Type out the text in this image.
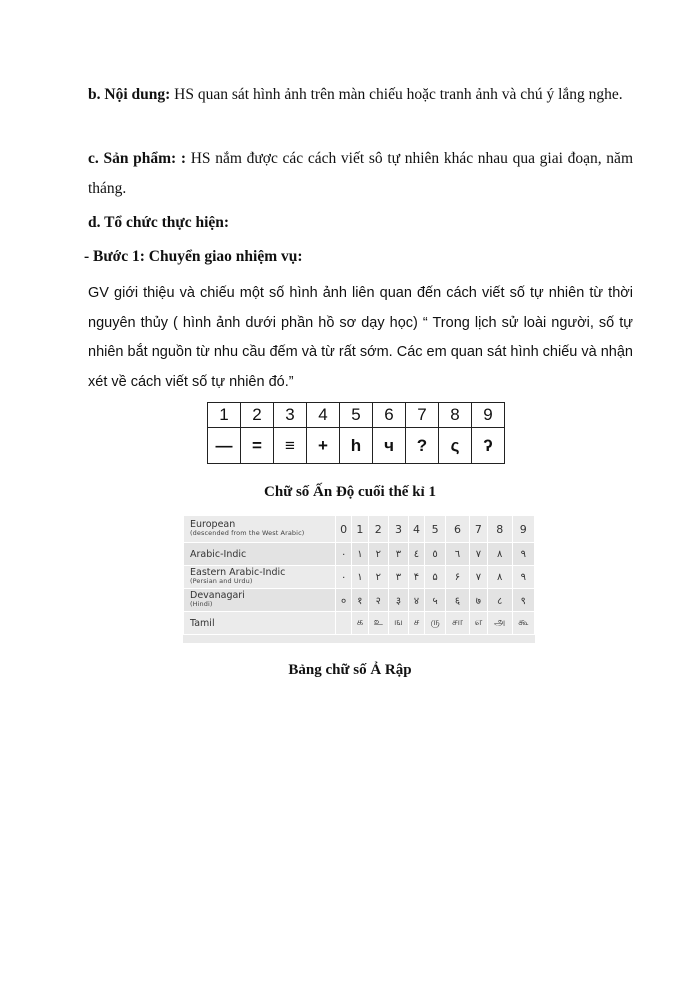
b. Nội dung: HS quan sát hình ảnh trên màn chiếu hoặc tranh ảnh và chú ý lắng nghe.
c. Sản phẩm: : HS nắm được các cách viết sô tự nhiên khác nhau qua giai đoạn, năm tháng.
d. Tổ chức thực hiện:
- Bước 1: Chuyển giao nhiệm vụ:
GV giới thiệu và chiếu một số hình ảnh liên quan đến cách viết số tự nhiên từ thời nguyên thủy ( hình ảnh dưới phần hồ sơ dạy học) “ Trong lịch sử loài người, số tự nhiên bắt nguồn từ nhu cầu đếm và từ rất sớm. Các em quan sát hình chiếu và nhận xét về cách viết số tự nhiên đó.”
1	2	3	4	5	6	7	8	9
—	=	≡	+	h	ч	?	ς	ʔ
Chữ số Ấn Độ cuối thế kỉ 1
European
(descended from the West Arabic)	0	1	2	3	4	5	6	7	8	9
Arabic-Indic	٠	١	٢	٣	٤	٥	٦	٧	٨	٩
Eastern Arabic-Indic
(Persian and Urdu)	٠	١	٢	٣	۴	۵	۶	٧	٨	٩
Devanagari
(Hindi)	०	१	२	३	४	५	६	७	८	९
Tamil		க	உ	ங	ச	ரு	சா	எ	அ	கூ
Bảng chữ số Ả Rập
